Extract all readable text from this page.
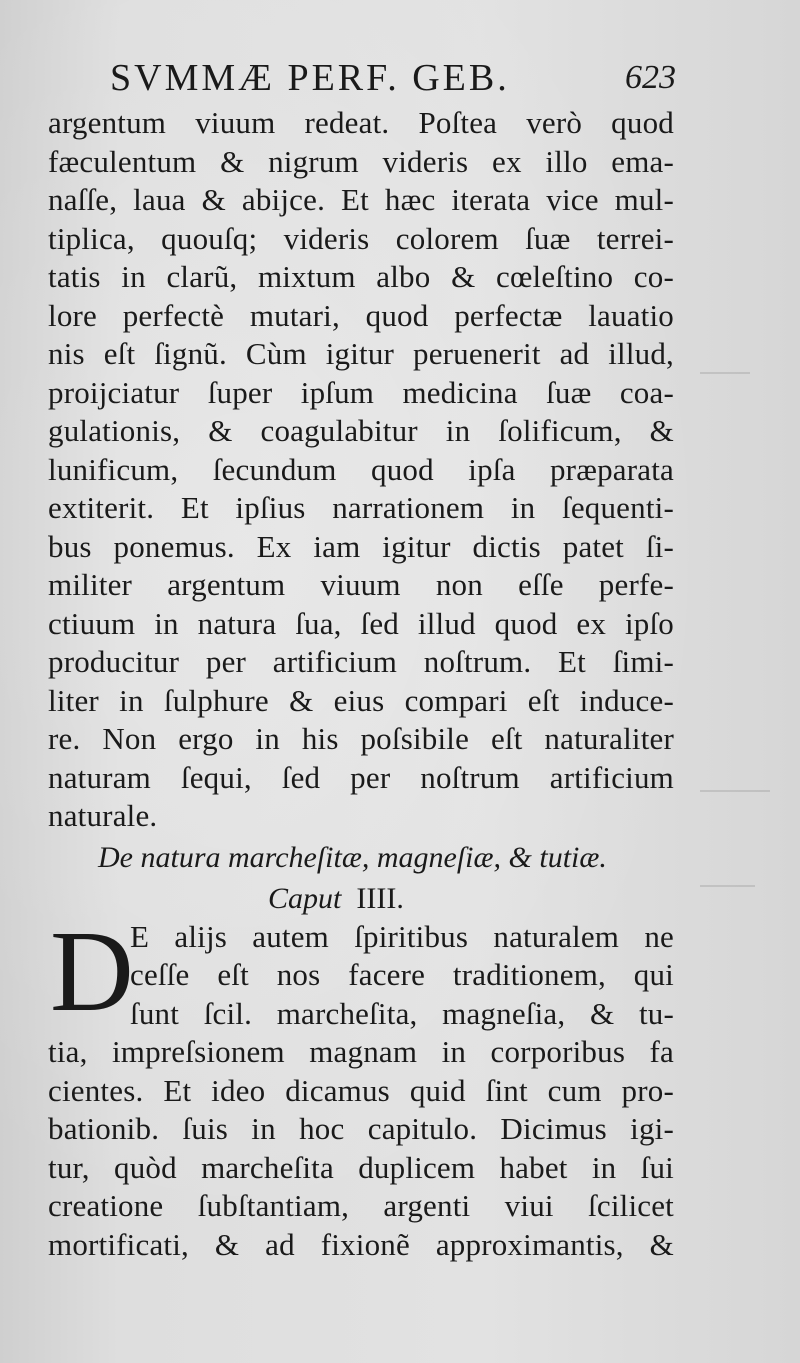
SVMMÆ PERF. GEB.	623
argentum viuum redeat. Poſtea verò quod
fæculentum & nigrum videris ex illo ema-
naſſe, laua & abijce. Et hæc iterata vice mul-
tiplica, quouſq; videris colorem ſuæ terrei-
tatis in clarũ, mixtum albo & cœleſtino co-
lore perfectè mutari, quod perfectæ lauatio
nis eſt ſignũ. Cùm igitur peruenerit ad illud,
proijciatur ſuper ipſum medicina ſuæ coa-
gulationis, & coagulabitur in ſolificum, &
lunificum, ſecundum quod ipſa præparata
extiterit. Et ipſius narrationem in ſequenti-
bus ponemus. Ex iam igitur dictis patet ſi-
militer argentum viuum non eſſe perfe-
ctiuum in natura ſua, ſed illud quod ex ipſo
producitur per artificium noſtrum. Et ſimi-
liter in ſulphure & eius compari eſt induce-
re. Non ergo in his poſsibile eſt naturaliter
naturam ſequi, ſed per noſtrum artificium
naturale.
De natura marcheſitæ, magneſiæ, & tutiæ.
Caput IIII.
D
E alijs autem ſpiritibus naturalem ne
ceſſe eſt nos facere traditionem, qui
ſunt ſcil. marcheſita, magneſia, & tu-
tia, impreſsionem magnam in corporibus fa
cientes. Et ideo dicamus quid ſint cum pro-
bationib. ſuis in hoc capitulo. Dicimus igi-
tur, quòd marcheſita duplicem habet in ſui
creatione ſubſtantiam, argenti viui ſcilicet
mortificati, & ad fixionẽ approximantis, &
